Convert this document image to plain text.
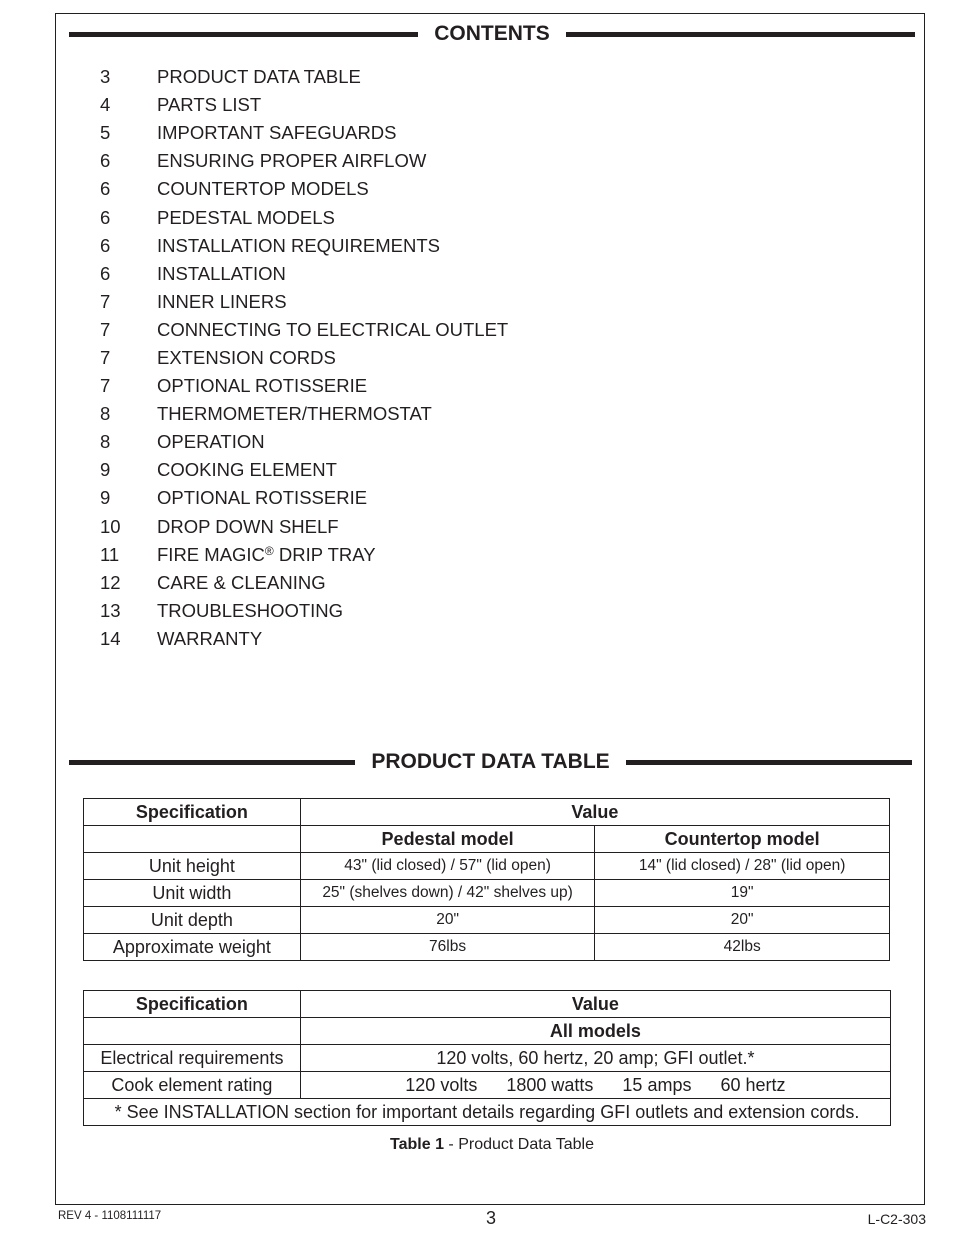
CONTENTS
3	PRODUCT DATA TABLE
4	PARTS LIST
5	IMPORTANT SAFEGUARDS
6	ENSURING PROPER AIRFLOW
6	COUNTERTOP MODELS
6	PEDESTAL MODELS
6	INSTALLATION REQUIREMENTS
6	INSTALLATION
7	INNER LINERS
7	CONNECTING TO ELECTRICAL OUTLET
7	EXTENSION CORDS
7	OPTIONAL ROTISSERIE
8	THERMOMETER/THERMOSTAT
8	OPERATION
9	COOKING ELEMENT
9	OPTIONAL ROTISSERIE
10	DROP DOWN SHELF
11	FIRE MAGIC® DRIP TRAY
12	CARE & CLEANING
13	TROUBLESHOOTING
14	WARRANTY
PRODUCT DATA TABLE
Specification	Value	
	Pedestal model	Countertop model
Unit height	43" (lid closed) / 57" (lid open)	14" (lid closed) / 28" (lid open)
Unit width	25" (shelves down) / 42" shelves up)	19"
Unit depth	20"	20"
Approximate weight	76lbs	42lbs
Specification	Value
	All models
Electrical requirements	120 volts, 60 hertz, 20 amp; GFI outlet.*
Cook element rating	120 volts 1800 watts 15 amps 60 hertz
* See INSTALLATION section for important details regarding GFI outlets and extension cords.	
Table 1 - Product Data Table
REV 4 - 1108111117	3	L-C2-303
